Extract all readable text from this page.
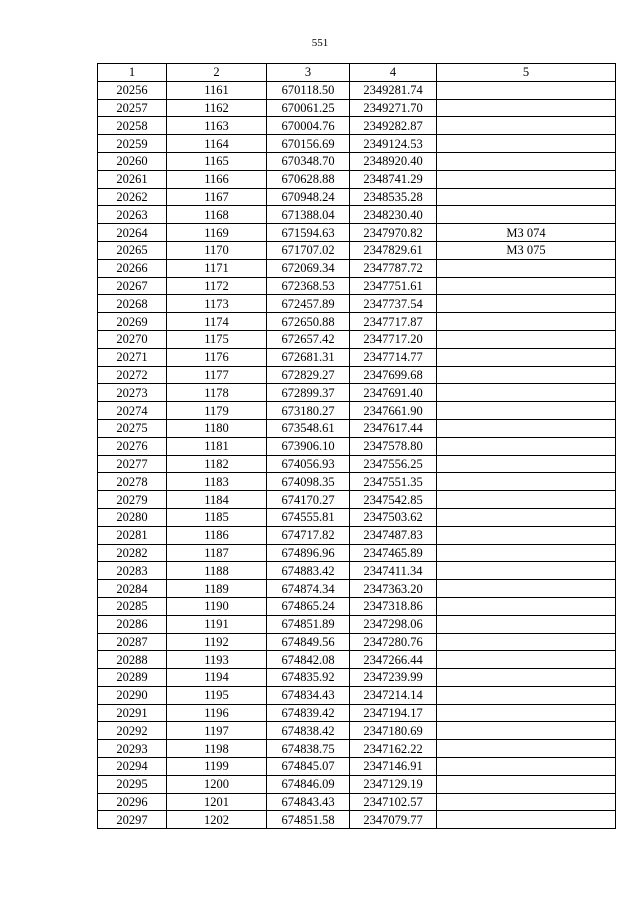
551
1	2	3	4	5
20256	1161	670118.50	2349281.74	
20257	1162	670061.25	2349271.70	
20258	1163	670004.76	2349282.87	
20259	1164	670156.69	2349124.53	
20260	1165	670348.70	2348920.40	
20261	1166	670628.88	2348741.29	
20262	1167	670948.24	2348535.28	
20263	1168	671388.04	2348230.40	
20264	1169	671594.63	2347970.82	МЗ 074
20265	1170	671707.02	2347829.61	МЗ 075
20266	1171	672069.34	2347787.72	
20267	1172	672368.53	2347751.61	
20268	1173	672457.89	2347737.54	
20269	1174	672650.88	2347717.87	
20270	1175	672657.42	2347717.20	
20271	1176	672681.31	2347714.77	
20272	1177	672829.27	2347699.68	
20273	1178	672899.37	2347691.40	
20274	1179	673180.27	2347661.90	
20275	1180	673548.61	2347617.44	
20276	1181	673906.10	2347578.80	
20277	1182	674056.93	2347556.25	
20278	1183	674098.35	2347551.35	
20279	1184	674170.27	2347542.85	
20280	1185	674555.81	2347503.62	
20281	1186	674717.82	2347487.83	
20282	1187	674896.96	2347465.89	
20283	1188	674883.42	2347411.34	
20284	1189	674874.34	2347363.20	
20285	1190	674865.24	2347318.86	
20286	1191	674851.89	2347298.06	
20287	1192	674849.56	2347280.76	
20288	1193	674842.08	2347266.44	
20289	1194	674835.92	2347239.99	
20290	1195	674834.43	2347214.14	
20291	1196	674839.42	2347194.17	
20292	1197	674838.42	2347180.69	
20293	1198	674838.75	2347162.22	
20294	1199	674845.07	2347146.91	
20295	1200	674846.09	2347129.19	
20296	1201	674843.43	2347102.57	
20297	1202	674851.58	2347079.77	
